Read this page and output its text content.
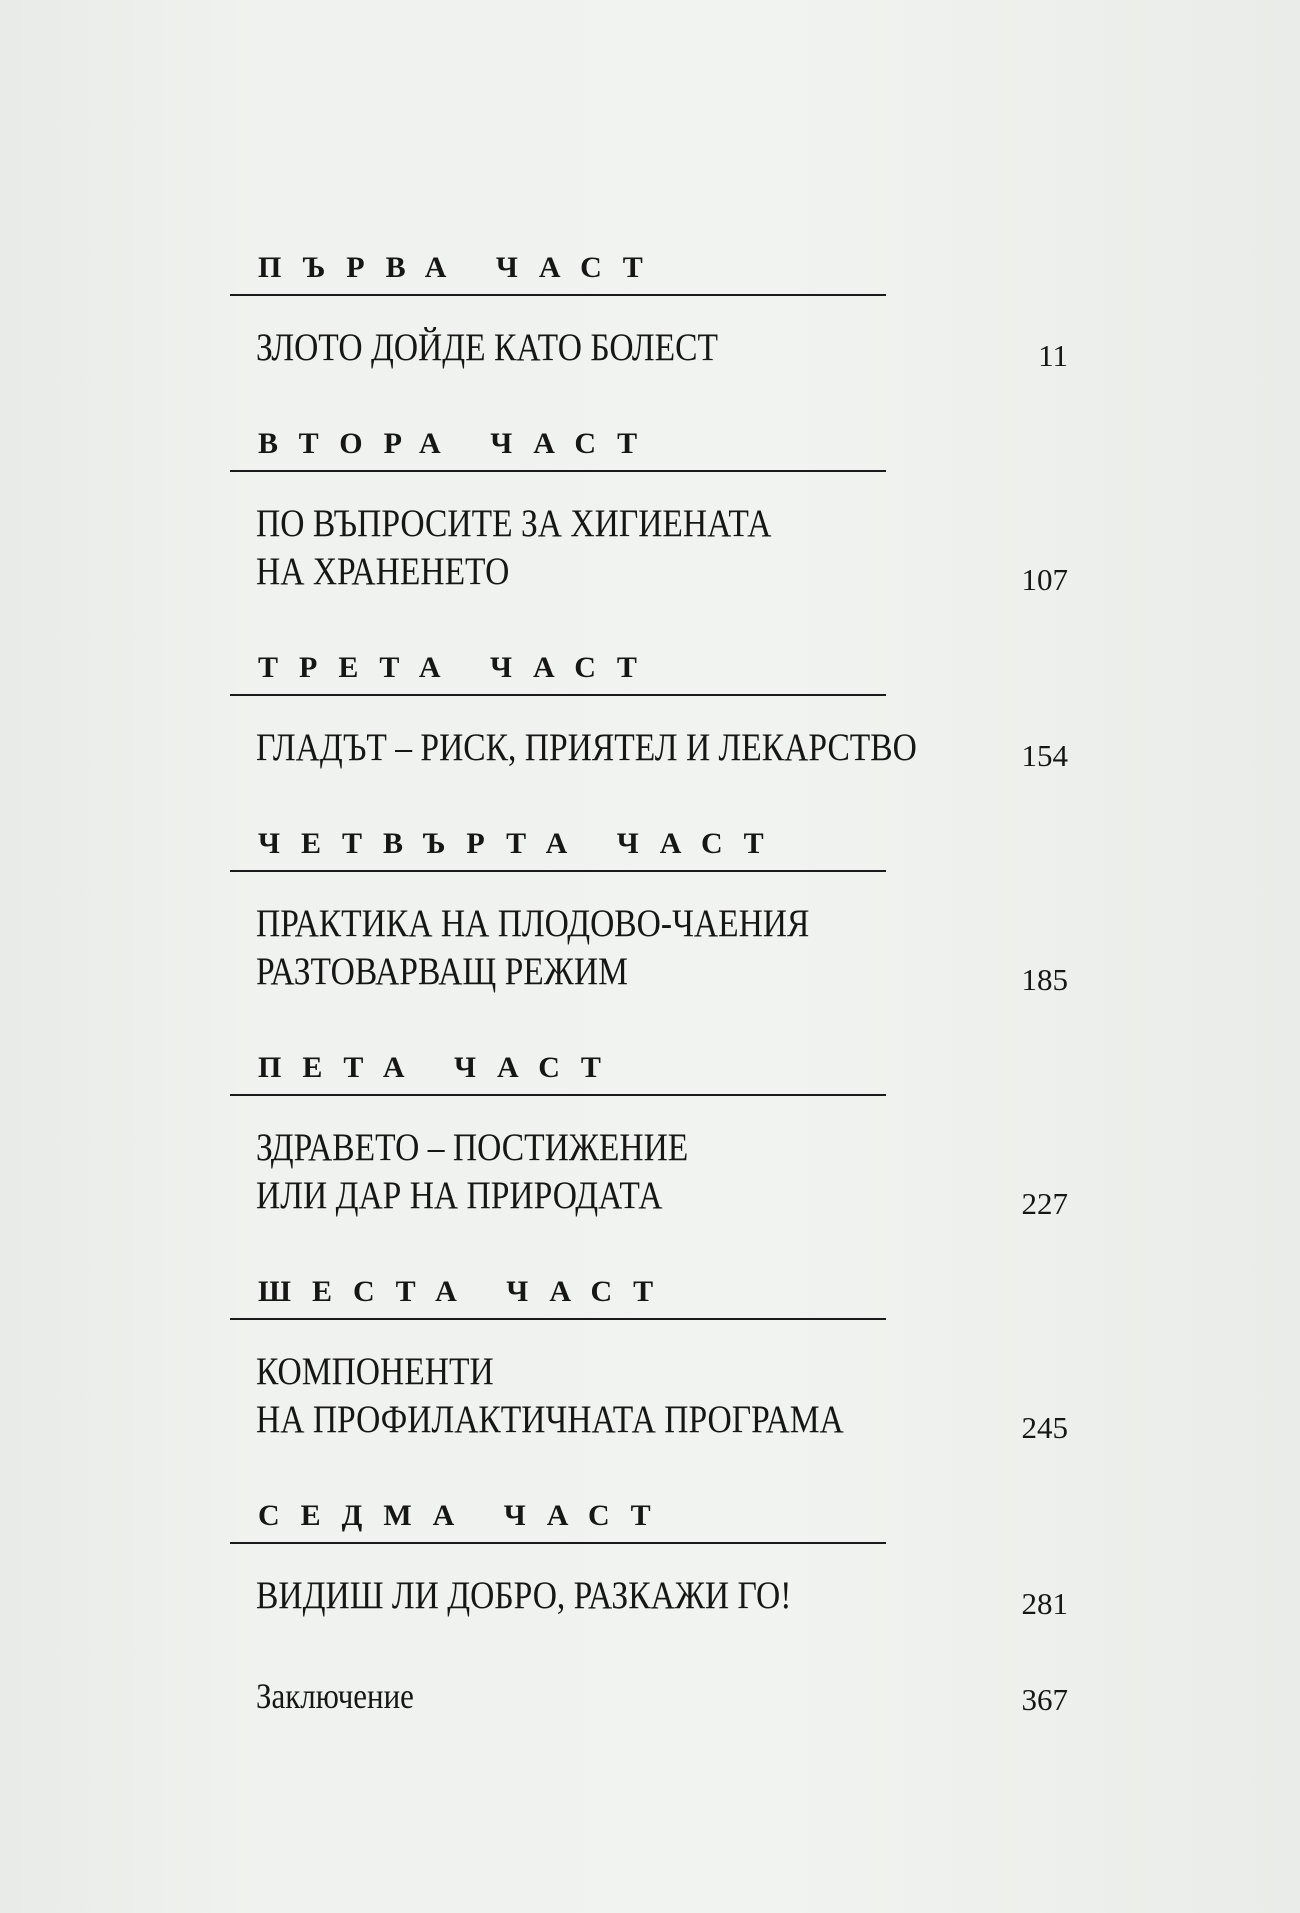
ПЪРВА ЧАСТ
ЗЛОТО ДОЙДЕ КАТО БОЛЕСТ	11
ВТОРА ЧАСТ
ПО ВЪПРОСИТЕ ЗА ХИГИЕНАТА
НА ХРАНЕНЕТО	107
ТРЕТА ЧАСТ
ГЛАДЪТ – РИСК, ПРИЯТЕЛ И ЛЕКАРСТВО	154
ЧЕТВЪРТА ЧАСТ
ПРАКТИКА НА ПЛОДОВО-ЧАЕНИЯ
РАЗТОВАРВАЩ РЕЖИМ	185
ПЕТА ЧАСТ
ЗДРАВЕТО – ПОСТИЖЕНИЕ
ИЛИ ДАР НА ПРИРОДАТА	227
ШЕСТА ЧАСТ
КОМПОНЕНТИ
НА ПРОФИЛАКТИЧНАТА ПРОГРАМА	245
СЕДМА ЧАСТ
ВИДИШ ЛИ ДОБРО, РАЗКАЖИ ГО!	281
Заключение	367
